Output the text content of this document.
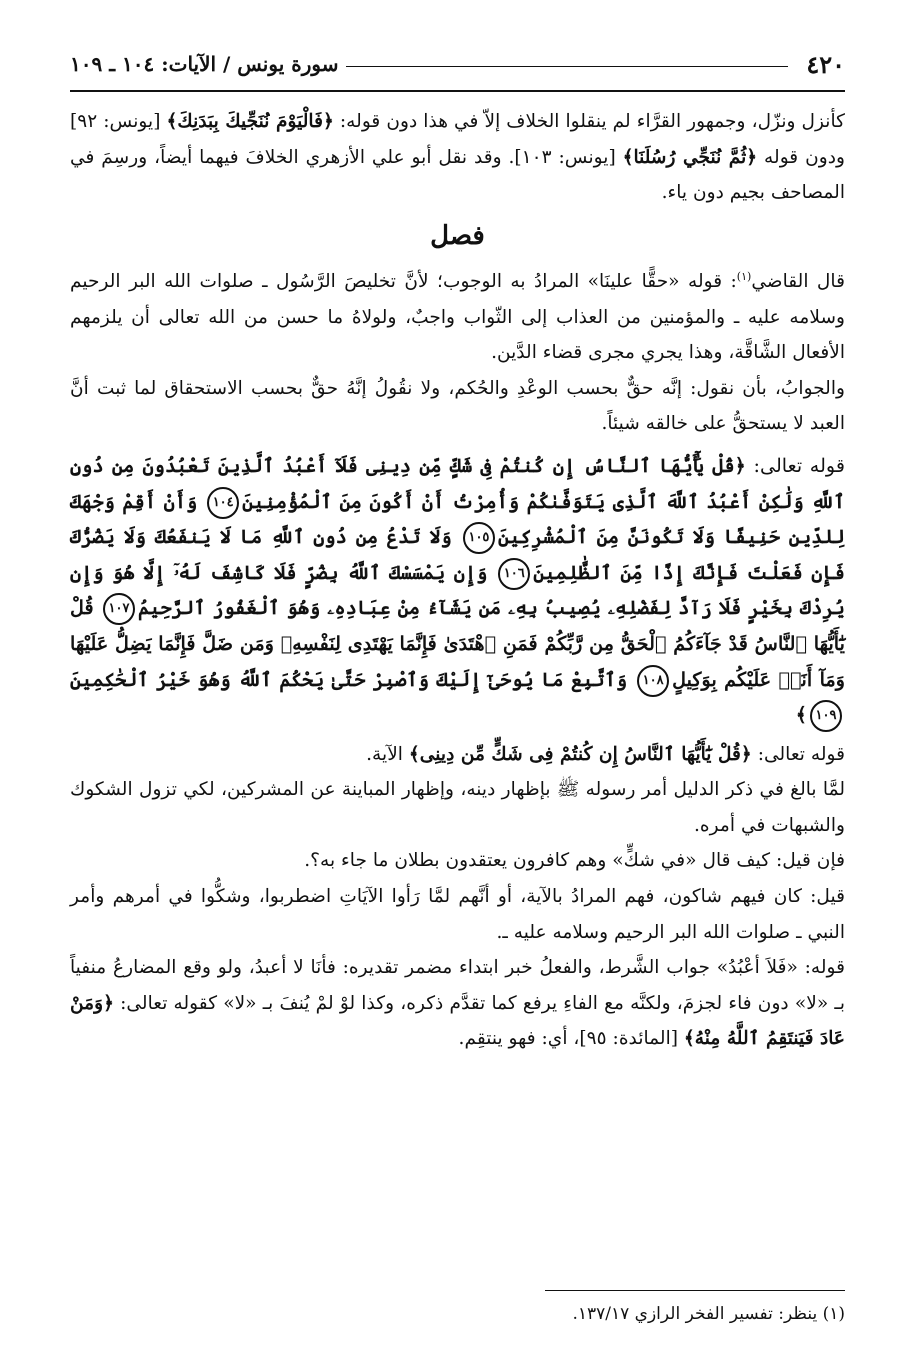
٤٢٠
سورة يونس / الآيات: ١٠٤ ـ ١٠٩

كأنزل ونزّل، وجمهور القرَّاء لم ينقلوا الخلاف إلاّ في هذا دون قوله: ﴿فَالْيَوْمَ نُنَجِّيكَ بِبَدَنِكَ﴾ [يونس: ٩٢] ودون قوله ﴿ثُمَّ نُنَجِّي رُسُلَنَا﴾ [يونس: ١٠٣]. وقد نقل أبو علي الأزهري الخلافَ فيهما أيضاً، ورسِمَ في المصاحف بجيم دون ياء.

فصل

قال القاضي$^{(١)}$: قوله «حقًّا علينَا» المرادُ به الوجوب؛ لأنَّ تخليصَ الرَّسُول ـ صلوات الله البر الرحيم وسلامه عليه ـ والمؤمنين من العذاب إلى الثّواب واجبٌ، ولولاهُ ما حسن من الله تعالى أن يلزمهم الأفعال الشَّاقَّة، وهذا يجري مجرى قضاء الدَّين.

والجوابُ، بأن نقول: إنَّه حقٌّ بحسب الوعْدِ والحُكم، ولا نقُولُ إنَّهُ حقٌّ بحسب الاستحقاق لما ثبت أنَّ العبد لا يستحقُّ على خالقه شيئاً.

قوله تعالى: ﴿قُلْ يَٰٓأَيُّهَا ٱلنَّاسُ إِن كُنتُمْ فِى شَكٍّ مِّن دِينِى فَلَآ أَعْبُدُ ٱلَّذِينَ تَعْبُدُونَ مِن دُونِ ٱللَّهِ وَلَٰكِنْ أَعْبُدُ ٱللَّهَ ٱلَّذِى يَتَوَفَّىٰكُمْ وَأُمِرْتُ أَنْ أَكُونَ مِنَ ٱلْمُؤْمِنِينَ١٠٤ وَأَنْ أَقِمْ وَجْهَكَ لِلدِّينِ حَنِيفًا وَلَا تَكُونَنَّ مِنَ ٱلْمُشْرِكِينَ١٠٥ وَلَا تَدْعُ مِن دُونِ ٱللَّهِ مَا لَا يَنفَعُكَ وَلَا يَضُرُّكَ فَإِن فَعَلْتَ فَإِنَّكَ إِذًا مِّنَ ٱلظَّٰلِمِينَ١٠٦ وَإِن يَمْسَسْكَ ٱللَّهُ بِضُرٍّ فَلَا كَاشِفَ لَهُۥٓ إِلَّا هُوَ وَإِن يُرِدْكَ بِخَيْرٍ فَلَا رَآدَّ لِفَضْلِهِۦ يُصِيبُ بِهِۦ مَن يَشَآءُ مِنْ عِبَادِهِۦ وَهُوَ ٱلْغَفُورُ ٱلرَّحِيمُ١٠٧ قُلْ يَٰٓأَيُّهَا ٱلنَّاسُ قَدْ جَآءَكُمُ ٱلْحَقُّ مِن رَّبِّكُمْ فَمَنِ ٱهْتَدَىٰ فَإِنَّمَا يَهْتَدِى لِنَفْسِهِۦ وَمَن ضَلَّ فَإِنَّمَا يَضِلُّ عَلَيْهَا وَمَآ أَنَا۠ عَلَيْكُم بِوَكِيلٍ١٠٨ وَٱتَّبِعْ مَا يُوحَىٰٓ إِلَيْكَ وَٱصْبِرْ حَتَّىٰ يَحْكُمَ ٱللَّهُ وَهُوَ خَيْرُ ٱلْحَٰكِمِينَ١٠٩﴾

قوله تعالى: ﴿قُلْ يَٰٓأَيُّهَا ٱلنَّاسُ إِن كُنتُمْ فِى شَكٍّ مِّن دِينِى﴾ الآية.

لمَّا بالغ في ذكر الدليل أمر رسوله ﷺ بإظهار دينه، وإظهار المباينة عن المشركين، لكي تزول الشكوك والشبهات في أمره.

فإن قيل: كيف قال «في شكٍّ» وهم كافرون يعتقدون بطلان ما جاء به؟.

قيل: كان فيهم شاكون، فهم المرادُ بالآية، أو أنَّهم لمَّا رَأوا الآيَاتِ اضطربوا، وشكُّوا في أمرهم وأمر النبي ـ صلوات الله البر الرحيم وسلامه عليه ـ.

قوله: «فَلاَ أعْبُدُ» جواب الشَّرط، والفعلُ خبر ابتداء مضمر تقديره: فأنَا لا أعبدُ، ولو وقع المضارعُ منفياً بـ «لا» دون فاء لجزمَ، ولكنَّه مع الفاءِ يرفع كما تقدَّم ذكره، وكذا لوْ لمْ يُنفَ بـ «لا» كقوله تعالى: ﴿وَمَنْ عَادَ فَيَنتَقِمُ ٱللَّهُ مِنْهُ﴾ [المائدة: ٩٥]، أي: فهو ينتقِم.

(١) ينظر: تفسير الفخر الرازي ١٣٧/١٧.
